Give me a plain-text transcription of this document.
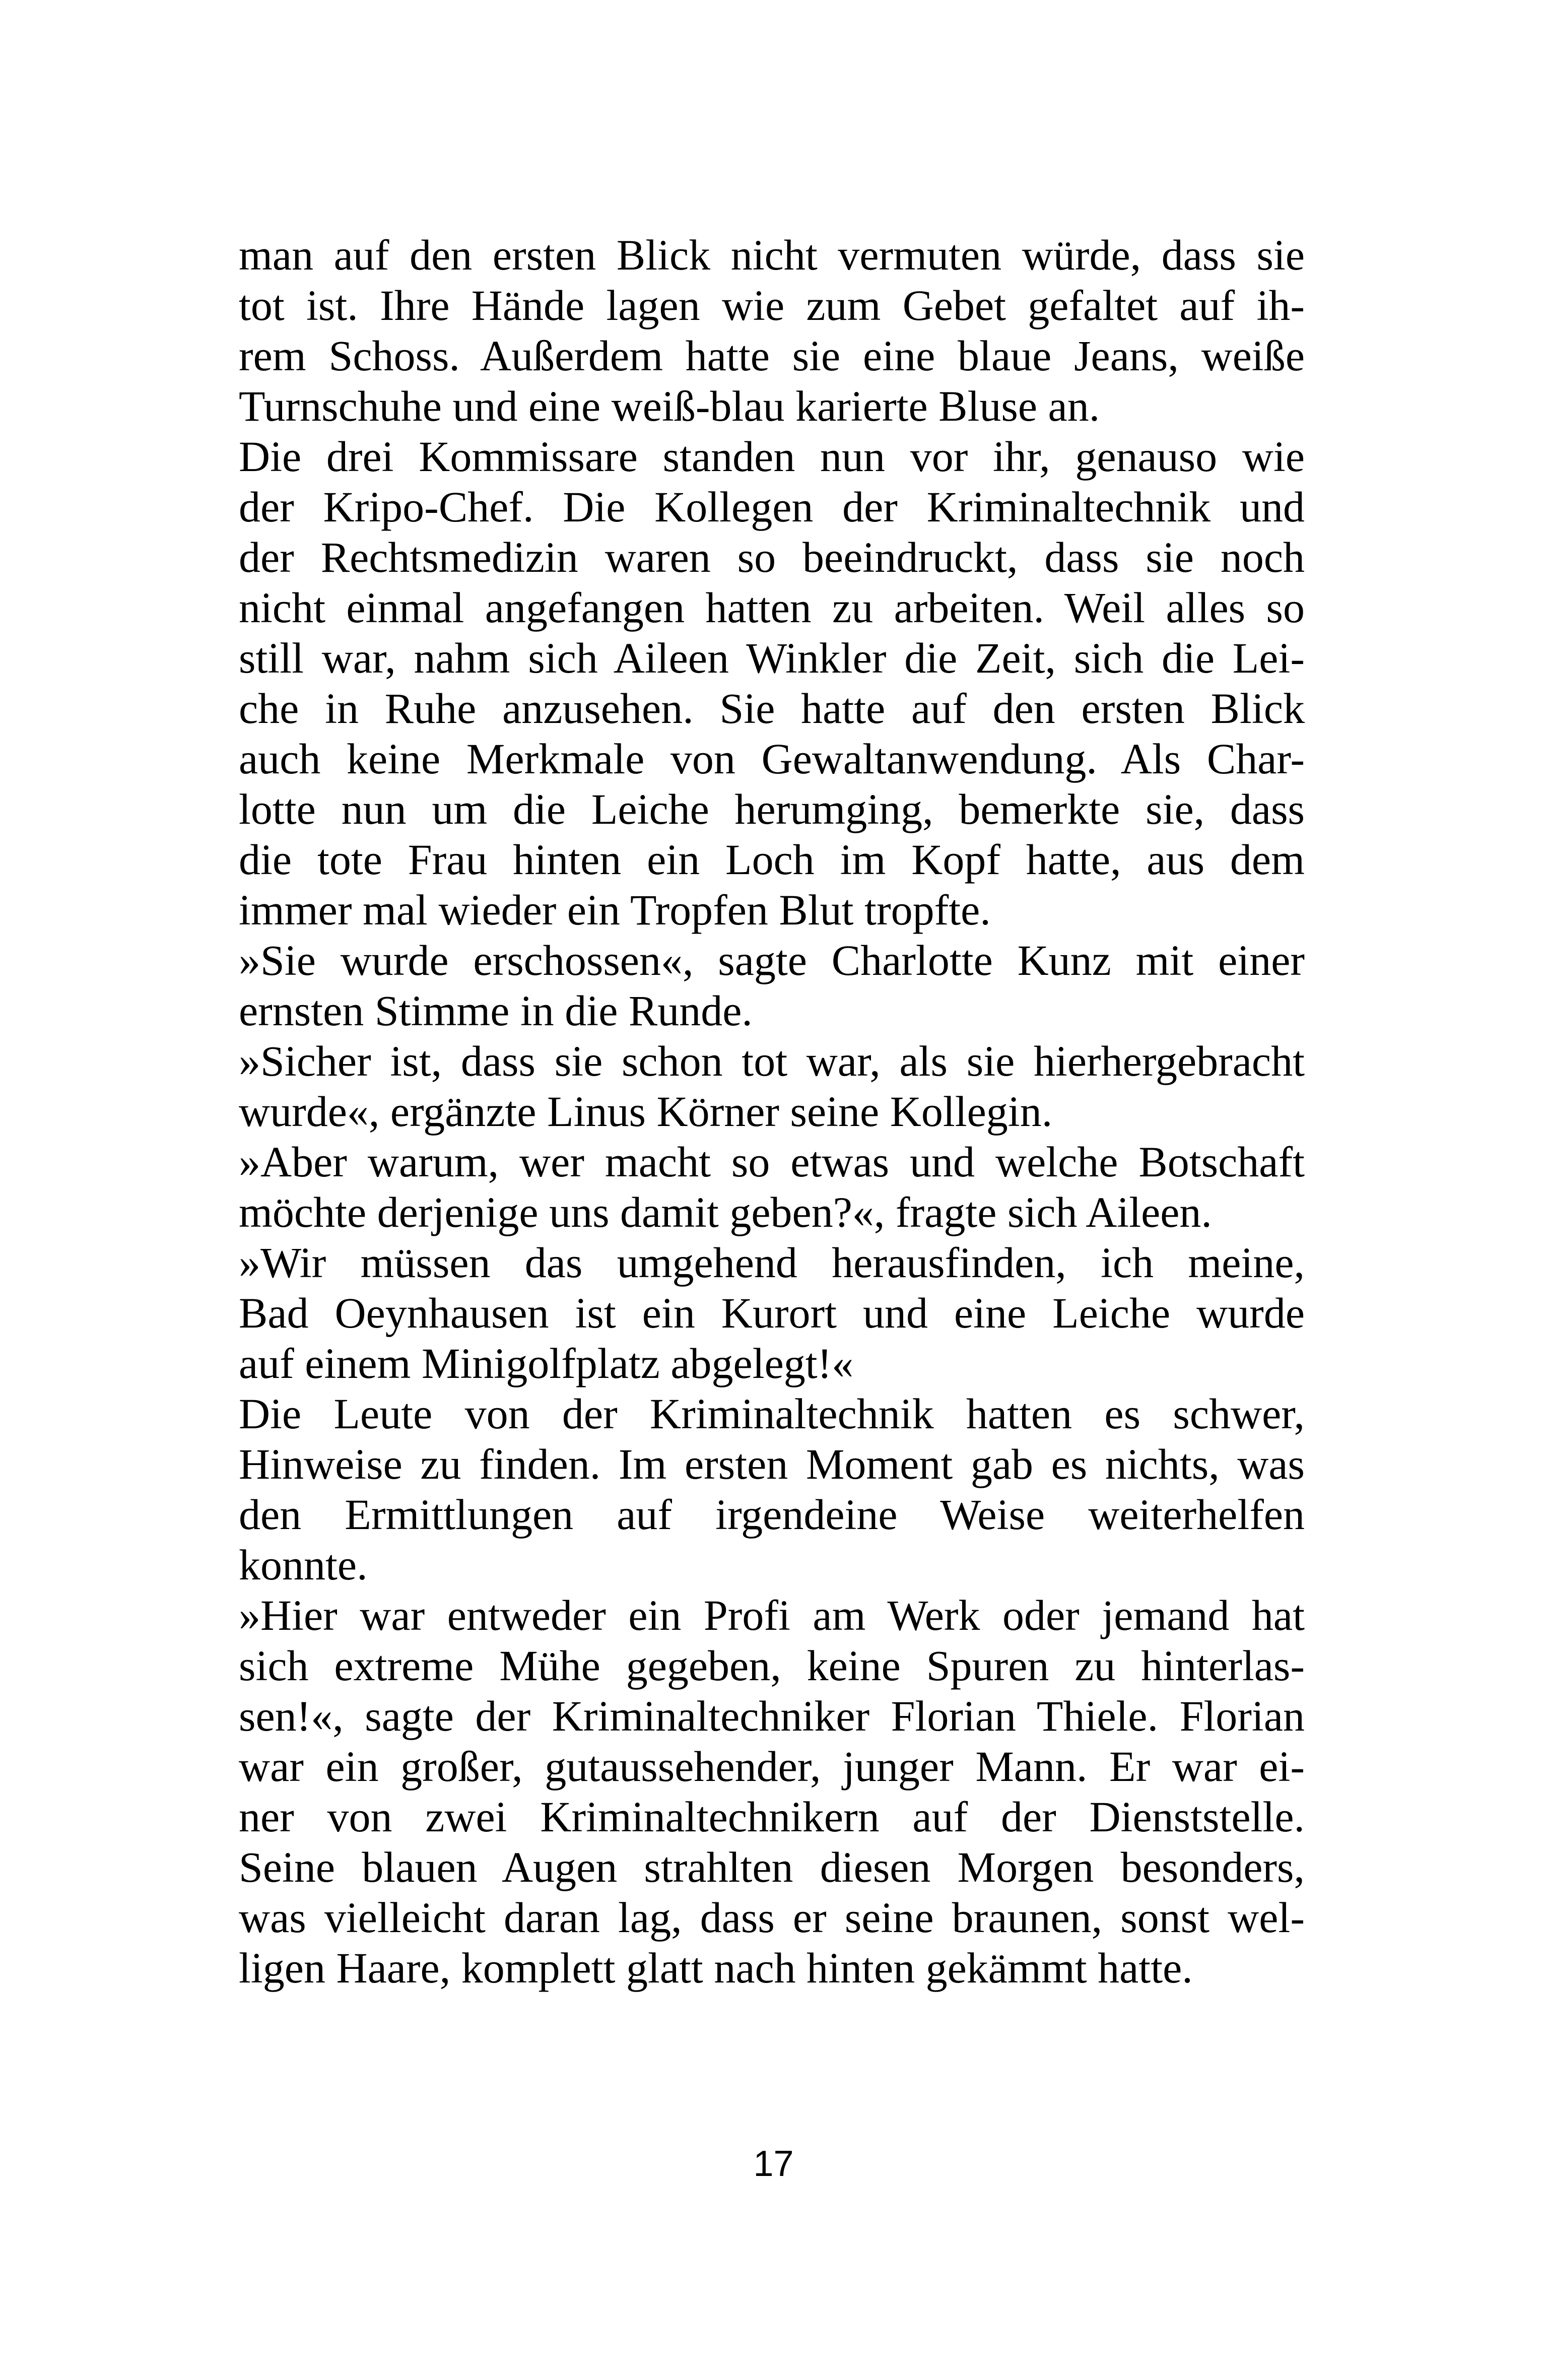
man auf den ersten Blick nicht vermuten würde, dass sie
tot ist. Ihre Hände lagen wie zum Gebet gefaltet auf ih-
rem Schoss. Außerdem hatte sie eine blaue Jeans, weiße
Turnschuhe und eine weiß-blau karierte Bluse an.
Die drei Kommissare standen nun vor ihr, genauso wie
der Kripo-Chef. Die Kollegen der Kriminaltechnik und
der Rechtsmedizin waren so beeindruckt, dass sie noch
nicht einmal angefangen hatten zu arbeiten. Weil alles so
still war, nahm sich Aileen Winkler die Zeit, sich die Lei-
che in Ruhe anzusehen. Sie hatte auf den ersten Blick
auch keine Merkmale von Gewaltanwendung. Als Char-
lotte nun um die Leiche herumging, bemerkte sie, dass
die tote Frau hinten ein Loch im Kopf hatte, aus dem
immer mal wieder ein Tropfen Blut tropfte.
»Sie wurde erschossen«, sagte Charlotte Kunz mit einer
ernsten Stimme in die Runde.
»Sicher ist, dass sie schon tot war, als sie hierhergebracht
wurde«, ergänzte Linus Körner seine Kollegin.
»Aber warum, wer macht so etwas und welche Botschaft
möchte derjenige uns damit geben?«, fragte sich Aileen.
»Wir müssen das umgehend herausfinden, ich meine,
Bad Oeynhausen ist ein Kurort und eine Leiche wurde
auf einem Minigolfplatz abgelegt!«
Die Leute von der Kriminaltechnik hatten es schwer,
Hinweise zu finden. Im ersten Moment gab es nichts, was
den Ermittlungen auf irgendeine Weise weiterhelfen
konnte.
»Hier war entweder ein Profi am Werk oder jemand hat
sich extreme Mühe gegeben, keine Spuren zu hinterlas-
sen!«, sagte der Kriminaltechniker Florian Thiele. Florian
war ein großer, gutaussehender, junger Mann. Er war ei-
ner von zwei Kriminaltechnikern auf der Dienststelle.
Seine blauen Augen strahlten diesen Morgen besonders,
was vielleicht daran lag, dass er seine braunen, sonst wel-
ligen Haare, komplett glatt nach hinten gekämmt hatte.
17
